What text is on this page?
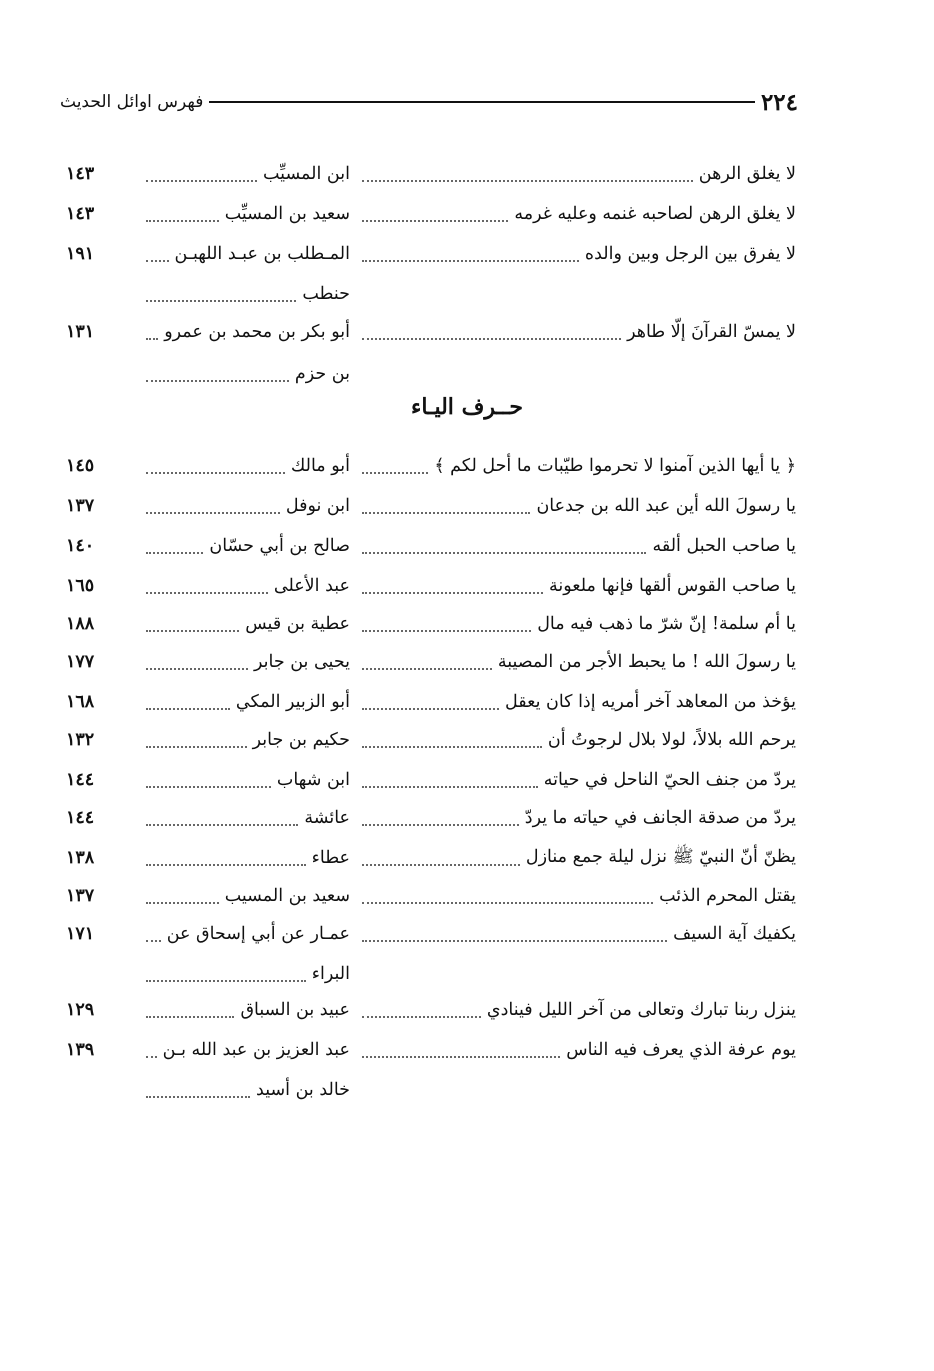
٢٢٤
فهرس اوائل الحديث
لا يغلق الرهن
ابن المسيِّب
١٤٣
لا يغلق الرهن لصاحبه غنمه وعليه غرمه
سعيد بن المسيِّب
١٤٣
لا يفرق بين الرجل وبين والده
المـطلب بن عبـد اللهبـن
١٩١
حنطب
لا يمسّ القرآنَ إلّا طاهر
أبو بكر بن محمد بن عمرو
١٣١
بن حزم
حــرف اليـاء
﴿ يا أيها الذين آمنوا لا تحرموا طيّبات ما أحل لكم ﴾
أبو مالك
١٤٥
يا رسولَ الله أين عبد الله بن جدعان
ابن نوفل
١٣٧
يا صاحب الحبل ألقه
صالح بن أبي حسّان
١٤٠
يا صاحب القوس ألقها فإنها ملعونة
عبد الأعلى
١٦٥
يا أم سلمة! إنّ شرّ ما ذهب فيه مال
عطية بن قيس
١٨٨
يا رسولَ الله ! ما يحبط الأجر من المصيبة
يحيى بن جابر
١٧٧
يؤخذ من المعاهد آخر أمريه إذا كان يعقل
أبو الزبير المكي
١٦٨
يرحم الله بلالاً، لولا بلال لرجوتُ أن
حكيم بن جابر
١٣٢
يردّ من جنف الحيّ الناحل في حياته
ابن شهاب
١٤٤
يردّ من صدقة الجانف في حياته ما يردّ
عائشة
١٤٤
يظنّ أنّ النبيّ ﷺ نزل ليلة جمع منازل
عطاء
١٣٨
يقتل المحرم الذئب
سعيد بن المسيب
١٣٧
يكفيك آية السيف
عمـار عن أبي إسحاق عن
١٧١
البراء
ينزل ربنا تبارك وتعالى من آخر الليل فينادي
عبيد بن السباق
١٢٩
يوم عرفة الذي يعرف فيه الناس
عبد العزيز بن عبد الله بـن
١٣٩
خالد بن أسيد
